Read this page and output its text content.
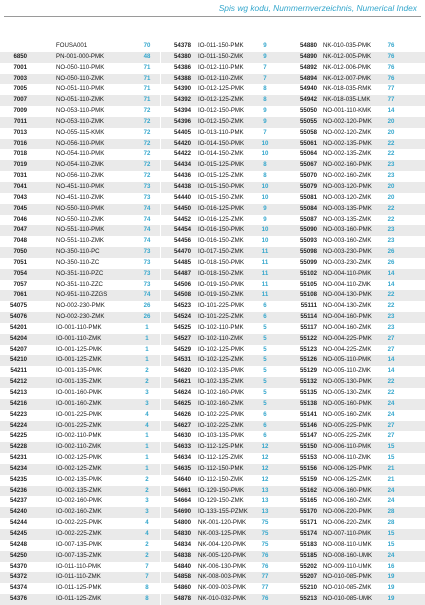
Spis wg kodu, Nummernverzeichnis, Numerical Index
FOUSA001	70
6850	PN-001-000-PMK	48
7001	NO-050-110-PMK	71
7003	NO-050-110-ZMK	71
7005	NO-051-110-PMK	71
7007	NO-051-110-ZMK	71
7009	NO-053-110-PMK	72
7011	NO-053-110-ZMK	72
7013	NO-055-115-KMK	72
7016	NO-056-110-PMK	72
7018	NO-054-110-PMK	72
7019	NO-054-110-ZMK	72
7031	NO-056-110-ZMK	72
7041	NO-451-110-PMK	73
7043	NO-451-110-ZMK	73
7045	NO-550-110-PMK	74
7046	NO-550-110-ZMK	74
7047	NO-551-110-PMK	74
7048	NO-551-110-ZMK	74
7050	NO-350-110-PC	73
7051	NO-350-110-ZC	73
7054	NO-351-110-PZC	73
7057	NO-351-110-ZZC	73
7061	NO-951-110-ZZGS	74
54075	NO-002-230-PMK	26
54076	NO-002-230-ZMK	26
54201	IO-001-110-PMK	1
54204	IO-001-110-ZMK	1
54207	IO-001-125-PMK	1
54210	IO-001-125-ZMK	1
54211	IO-001-135-PMK	2
54212	IO-001-135-ZMK	2
54213	IO-001-160-PMK	3
54216	IO-001-160-ZMK	3
54223	IO-001-225-PMK	4
54224	IO-001-225-ZMK	4
54225	IO-002-110-PMK	1
54228	IO-002-110-ZMK	1
54231	IO-002-125-PMK	1
54234	IO-002-125-ZMK	1
54235	IO-002-135-PMK	2
54236	IO-002-135-ZMK	2
54237	IO-002-160-PMK	3
54240	IO-002-160-ZMK	3
54244	IO-002-225-PMK	4
54245	IO-002-225-ZMK	4
54248	IO-007-135-PMK	2
54250	IO-007-135-ZMK	2
54370	IO-011-110-PMK	7
54372	IO-011-110-ZMK	7
54374	IO-011-125-PMK	8
54376	IO-011-125-ZMK	8
54378 IO-011-150-PMK	9
54380 IO-011-150-ZMK	9
54386 IO-012-110-PMK	7
54388 IO-012-110-ZMK	7
54390 IO-012-125-PMK	8
54392 IO-012-125-ZMK	8
54394 IO-012-150-PMK	9
54396 IO-012-150-ZMK	9
54405 IO-013-110-PMK	7
54420 IO-014-150-PMK	10
54422 IO-014-150-ZMK	10
54434 IO-015-125-PMK	8
54436 IO-015-125-ZMK	8
54438 IO-015-150-PMK	10
54440 IO-015-150-ZMK	10
54450 IO-016-125-PMK	9
54452 IO-016-125-ZMK	9
54454 IO-016-150-PMK	10
54456 IO-016-150-ZMK	10
54470 IO-017-150-ZMK	11
54485 IO-018-150-PMK	11
54487 IO-018-150-ZMK	11
54506 IO-019-150-PMK	11
54508 IO-019-150-ZMK	11
54523 IO-101-225-PMK	6
54524 IO-101-225-ZMK	6
54525 IO-102-110-PMK	5
54527 IO-102-110-ZMK	5
54529 IO-102-125-PMK	5
54531 IO-102-125-ZMK	5
54620 IO-102-135-PMK	5
54621 IO-102-135-ZMK	5
54624 IO-102-160-PMK	5
54625 IO-102-160-ZMK	5
54626 IO-102-225-PMK	6
54627 IO-102-225-ZMK	6
54630 IO-103-135-PMK	6
54633 IO-112-125-PMK	12
54634 IO-112-125-ZMK	12
54635 IO-112-150-PMK	12
54640 IO-112-150-ZMK	12
54661 IO-129-150-PMK	13
54664 IO-129-150-ZMK	13
54690 IO-133-155-PZMK	13
54800 NK-001-120-PMK	75
54830 NK-003-125-PMK	75
54834 NK-004-120-PMK	75
54838 NK-005-120-PMK	76
54840 NK-006-130-PMK	76
54858 NK-008-003-PMK	77
54860 NK-009-003-PMK	77
54878 NK-010-032-PMK	76
54880 NK-010-035-PMK	76
54890 NK-012-005-PMK	76
54892 NK-012-006-PMK	76
54894 NK-012-007-PMK	76
54940 NK-018-035-RMK	77
54942 NK-018-035-LMK	77
55050 NO-001-110-KMK	14
55055 NO-002-120-PMK	20
55058 NO-002-120-ZMK	20
55061 NO-002-135-PMK	22
55064 NO-002-135-ZMK	22
55067 NO-002-160-PMK	23
55070 NO-002-160-ZMK	23
55079 NO-003-120-PMK	20
55081 NO-003-120-ZMK	20
55084 NO-003-135-PMK	22
55087 NO-003-135-ZMK	22
55090 NO-003-160-PMK	23
55093 NO-003-160-ZMK	23
55098 NO-003-230-PMK	26
55099 NO-003-230-ZMK	26
55102 NO-004-110-PMK	14
55105 NO-004-110-ZMK	14
55108 NO-004-130-PMK	22
55111 NO-004-130-ZMK	22
55114 NO-004-160-PMK	23
55117 NO-004-160-ZMK	23
55122 NO-004-225-PMK	27
55123 NO-004-225-ZMK	27
55126 NO-005-110-PMK	14
55129 NO-005-110-ZMK	14
55132 NO-005-130-PMK	22
55135 NO-005-130-ZMK	22
55138 NO-005-160-PMK	24
55141 NO-005-160-ZMK	24
55146 NO-005-225-PMK	27
55147 NO-005-225-ZMK	27
55150 NO-006-110-PMK	15
55153 NO-006-110-ZMK	15
55156 NO-006-125-PMK	21
55159 NO-006-125-ZMK	21
55162 NO-006-160-PMK	24
55165 NO-006-160-ZMK	24
55170 NO-006-220-PMK	28
55171 NO-006-220-ZMK	28
55174 NO-007-110-PMK	15
55183 NO-008-110-UMK	15
55185 NO-008-160-UMK	24
55202 NO-009-110-UMK	16
55207 NO-010-085-PMK	19
55210 NO-010-085-ZMK	19
55213 NO-010-085-UMK	19
